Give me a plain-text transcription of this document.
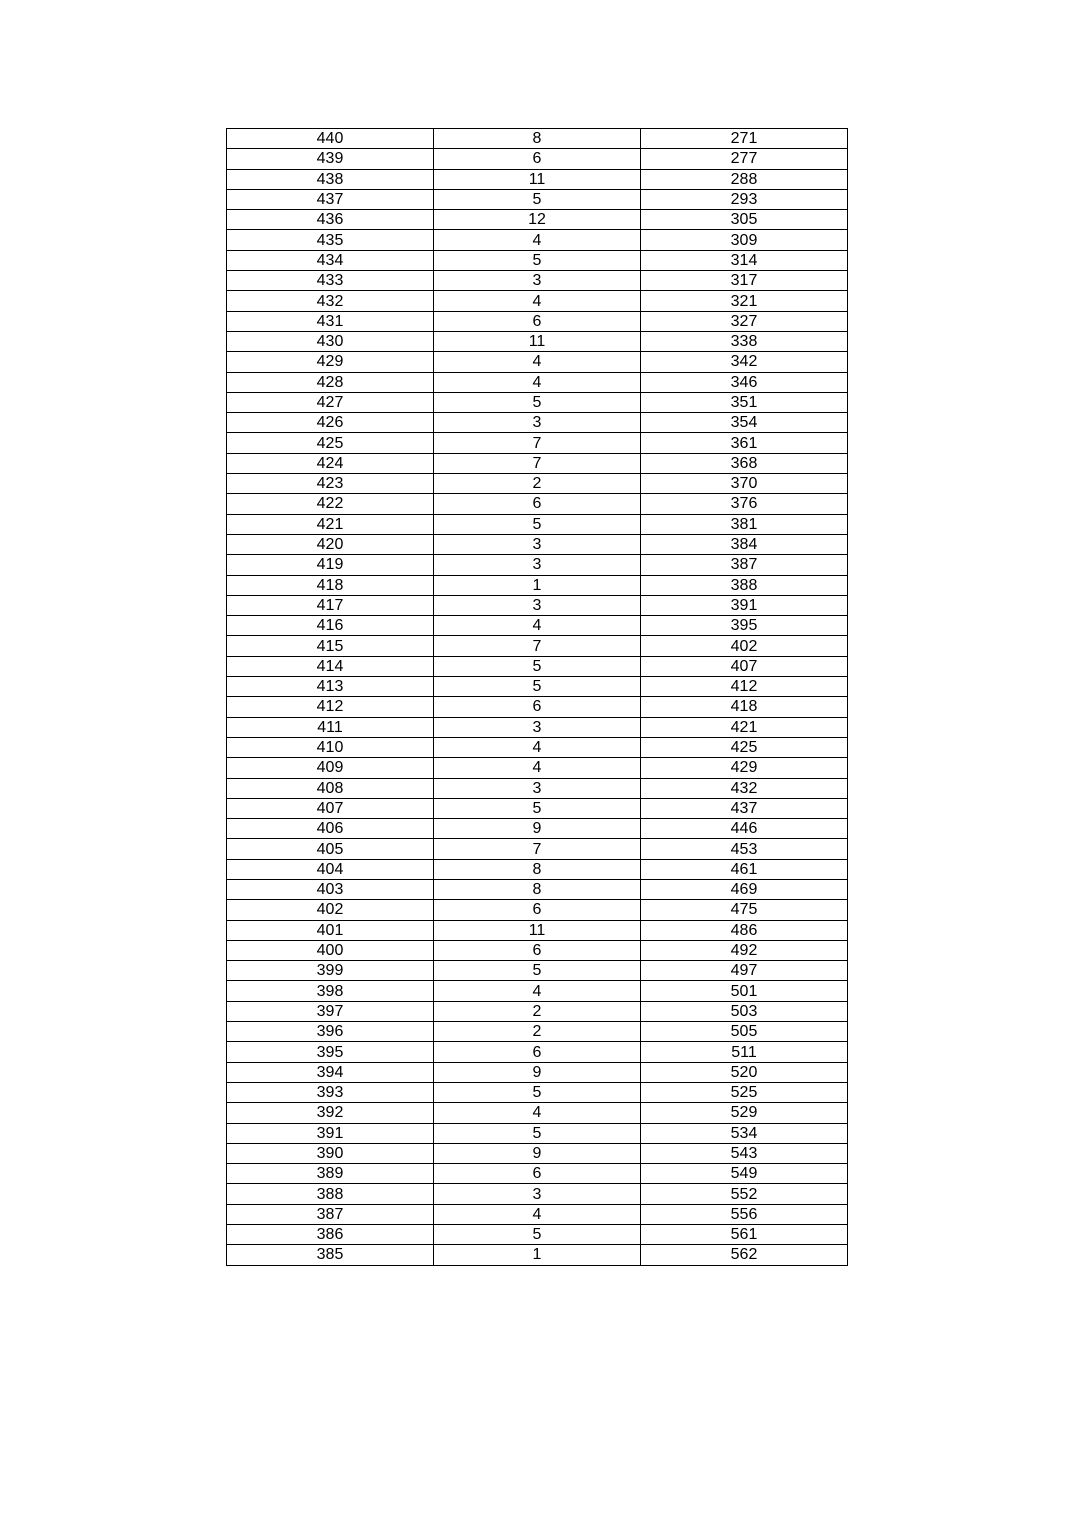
440	8	271
439	6	277
438	11	288
437	5	293
436	12	305
435	4	309
434	5	314
433	3	317
432	4	321
431	6	327
430	11	338
429	4	342
428	4	346
427	5	351
426	3	354
425	7	361
424	7	368
423	2	370
422	6	376
421	5	381
420	3	384
419	3	387
418	1	388
417	3	391
416	4	395
415	7	402
414	5	407
413	5	412
412	6	418
411	3	421
410	4	425
409	4	429
408	3	432
407	5	437
406	9	446
405	7	453
404	8	461
403	8	469
402	6	475
401	11	486
400	6	492
399	5	497
398	4	501
397	2	503
396	2	505
395	6	511
394	9	520
393	5	525
392	4	529
391	5	534
390	9	543
389	6	549
388	3	552
387	4	556
386	5	561
385	1	562
